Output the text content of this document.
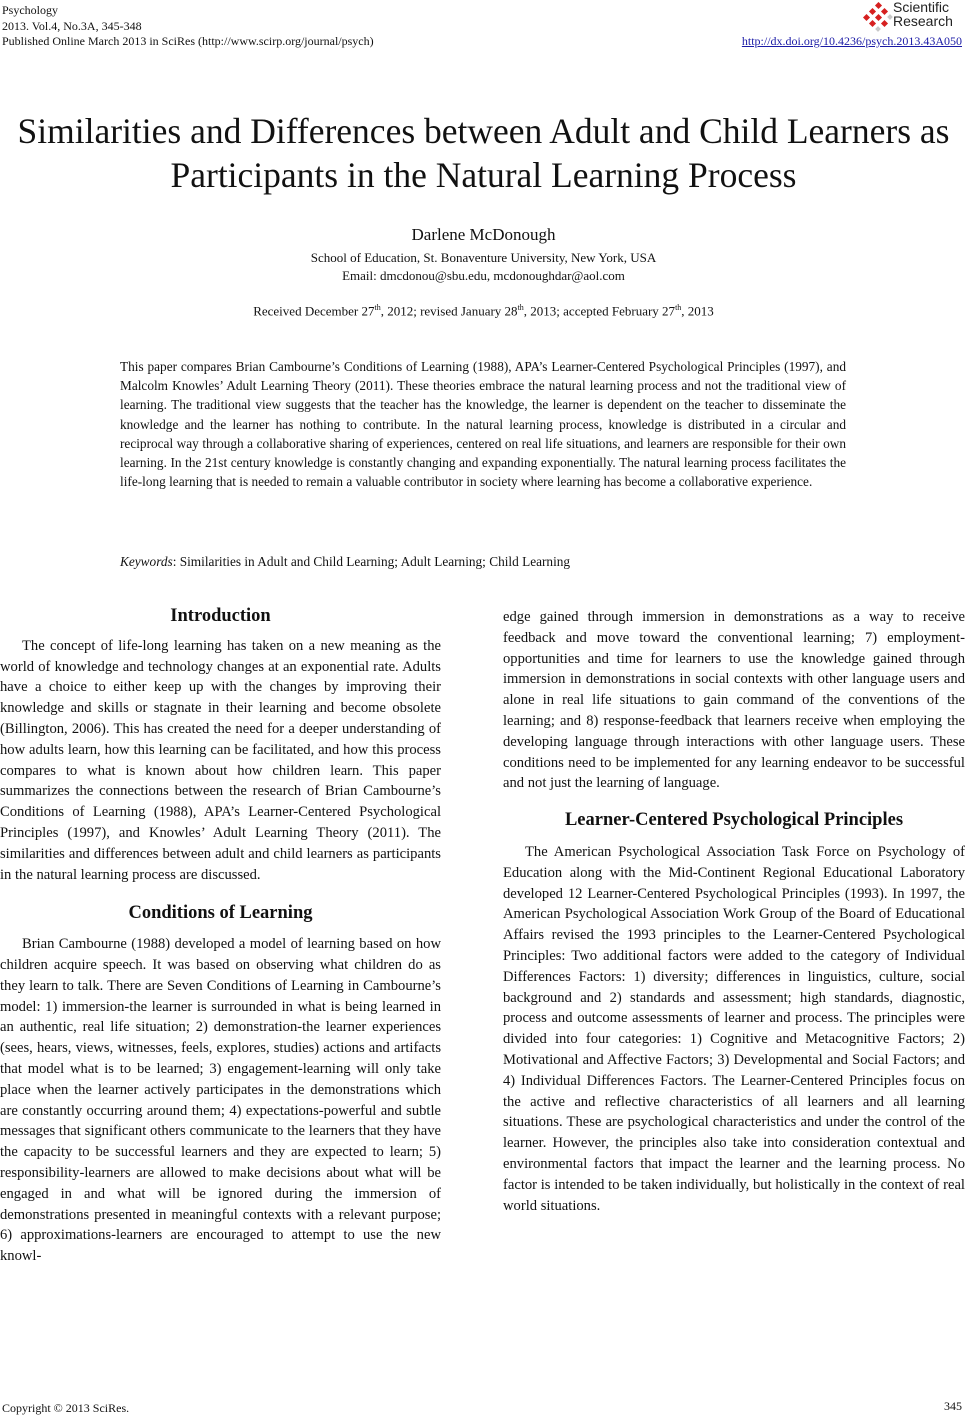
Psychology
2013. Vol.4, No.3A, 345-348
Published Online March 2013 in SciRes (http://www.scirp.org/journal/psych)
Scientific
Research
http://dx.doi.org/10.4236/psych.2013.43A050
Similarities and Differences between Adult and Child Learners as Participants in the Natural Learning Process
Darlene McDonough
School of Education, St. Bonaventure University, New York, USA
Email: dmcdonou@sbu.edu, mcdonoughdar@aol.com
Received December 27th, 2012; revised January 28th, 2013; accepted February 27th, 2013

This paper compares Brian Cambourne’s Conditions of Learning (1988), APA’s Learner-Centered Psychological Principles (1997), and Malcolm Knowles’ Adult Learning Theory (2011). These theories embrace the natural learning process and not the traditional view of learning. The traditional view suggests that the teacher has the knowledge, the learner is dependent on the teacher to disseminate the knowledge and the learner has nothing to contribute. In the natural learning process, knowledge is distributed in a circular and reciprocal way through a collaborative sharing of experiences, centered on real life situations, and learners are responsible for their own learning. In the 21st century knowledge is constantly changing and expanding exponentially. The natural learning process facilitates the life-long learning that is needed to remain a valuable contributor in society where learning has become a collaborative experience.

Keywords: Similarities in Adult and Child Learning; Adult Learning; Child Learning
Introduction

The concept of life-long learning has taken on a new meaning as the world of knowledge and technology changes at an exponential rate. Adults have a choice to either keep up with the changes by improving their knowledge and skills or stagnate in their learning and become obsolete (Billington, 2006). This has created the need for a deeper understanding of how adults learn, how this learning can be facilitated, and how this process compares to what is known about how children learn. This paper summarizes the connections between the research of Brian Cambourne’s Conditions of Learning (1988), APA’s Learner-Centered Psychological Principles (1997), and Knowles’ Adult Learning Theory (2011). The similarities and differences between adult and child learners as participants in the natural learning process are discussed.

Conditions of Learning

Brian Cambourne (1988) developed a model of learning based on how children acquire speech. It was based on observing what children do as they learn to talk. There are Seven Conditions of Learning in Cambourne’s model: 1) immersion-the learner is surrounded in what is being learned in an authentic, real life situation; 2) demonstration-the learner experiences (sees, hears, views, witnesses, feels, explores, studies) actions and artifacts that model what is to be learned; 3) engagement-learning will only take place when the learner actively participates in the demonstrations which are constantly occurring around them; 4) expectations-powerful and subtle messages that significant others communicate to the learners that they have the capacity to be successful learners and they are expected to learn; 5) responsibility-learners are allowed to make decisions about what will be engaged in and what will be ignored during the immersion of demonstrations presented in meaningful contexts with a relevant purpose; 6) approximations-learners are encouraged to attempt to use the new knowl-

edge gained through immersion in demonstrations as a way to receive feedback and move toward the conventional learning; 7) employment-opportunities and time for learners to use the knowledge gained through immersion in demonstrations in social contexts with other language users and alone in real life situations to gain command of the conventions of the learning; and 8) response-feedback that learners receive when employing the developing language through interactions with other language users. These conditions need to be implemented for any learning endeavor to be successful and not just the learning of language.

Learner-Centered Psychological Principles

The American Psychological Association Task Force on Psychology of Education along with the Mid-Continent Regional Educational Laboratory developed 12 Learner-Centered Psychological Principles (1993). In 1997, the American Psychological Association Work Group of the Board of Educational Affairs revised the 1993 principles to the Learner-Centered Psychological Principles: Two additional factors were added to the category of Individual Differences Factors: 1) diversity; differences in linguistics, culture, social background and 2) standards and assessment; high standards, diagnostic, process and outcome assessments of learner and process. The principles were divided into four categories: 1) Cognitive and Metacognitive Factors; 2) Motivational and Affective Factors; 3) Developmental and Social Factors; and 4) Individual Differences Factors. The Learner-Centered Principles focus on the active and reflective characteristics of all learners and all learning situations. These are psychological characteristics and under the control of the learner. However, the principles also take into consideration contextual and environmental factors that impact the learner and the learning process. No factor is intended to be taken individually, but holistically in the context of real world situations.

Copyright © 2013 SciRes.	345
